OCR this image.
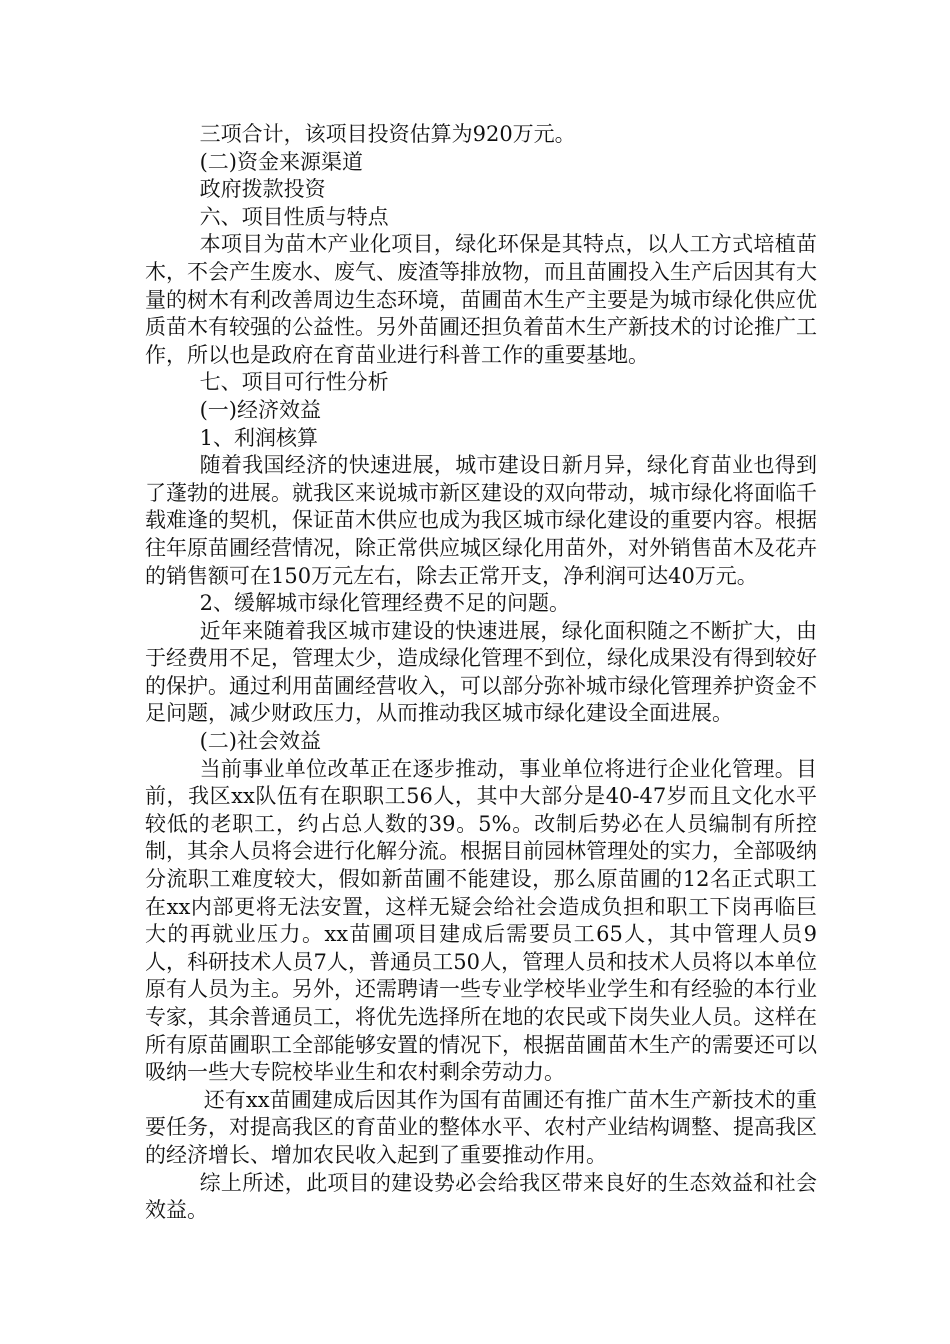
三项合计，该项目投资估算为920万元。

(二)资金来源渠道

政府拨款投资

六、项目性质与特点

本项目为苗木产业化项目，绿化环保是其特点，以人工方式培植苗木，不会产生废水、废气、废渣等排放物，而且苗圃投入生产后因其有大量的树木有利改善周边生态环境，苗圃苗木生产主要是为城市绿化供应优质苗木有较强的公益性。另外苗圃还担负着苗木生产新技术的讨论推广工作，所以也是政府在育苗业进行科普工作的重要基地。

七、项目可行性分析

(一)经济效益

1、利润核算

随着我国经济的快速进展，城市建设日新月异，绿化育苗业也得到了蓬勃的进展。就我区来说城市新区建设的双向带动，城市绿化将面临千载难逢的契机，保证苗木供应也成为我区城市绿化建设的重要内容。根据往年原苗圃经营情况，除正常供应城区绿化用苗外，对外销售苗木及花卉的销售额可在150万元左右，除去正常开支，净利润可达40万元。

2、缓解城市绿化管理经费不足的问题。

近年来随着我区城市建设的快速进展，绿化面积随之不断扩大，由于经费用不足，管理太少，造成绿化管理不到位，绿化成果没有得到较好的保护。通过利用苗圃经营收入，可以部分弥补城市绿化管理养护资金不足问题，减少财政压力，从而推动我区城市绿化建设全面进展。

(二)社会效益

当前事业单位改革正在逐步推动，事业单位将进行企业化管理。目前，我区xx队伍有在职职工56人，其中大部分是40-47岁而且文化水平较低的老职工，约占总人数的39。5%。改制后势必在人员编制有所控制，其余人员将会进行化解分流。根据目前园林管理处的实力，全部吸纳分流职工难度较大，假如新苗圃不能建设，那么原苗圃的12名正式职工在xx内部更将无法安置，这样无疑会给社会造成负担和职工下岗再临巨大的再就业压力。xx苗圃项目建成后需要员工65人，其中管理人员9人，科研技术人员7人，普通员工50人，管理人员和技术人员将以本单位原有人员为主。另外，还需聘请一些专业学校毕业学生和有经验的本行业专家，其余普通员工，将优先选择所在地的农民或下岗失业人员。这样在所有原苗圃职工全部能够安置的情况下，根据苗圃苗木生产的需要还可以吸纳一些大专院校毕业生和农村剩余劳动力。

还有xx苗圃建成后因其作为国有苗圃还有推广苗木生产新技术的重要任务，对提高我区的育苗业的整体水平、农村产业结构调整、提高我区的经济增长、增加农民收入起到了重要推动作用。

综上所述，此项目的建设势必会给我区带来良好的生态效益和社会效益。
